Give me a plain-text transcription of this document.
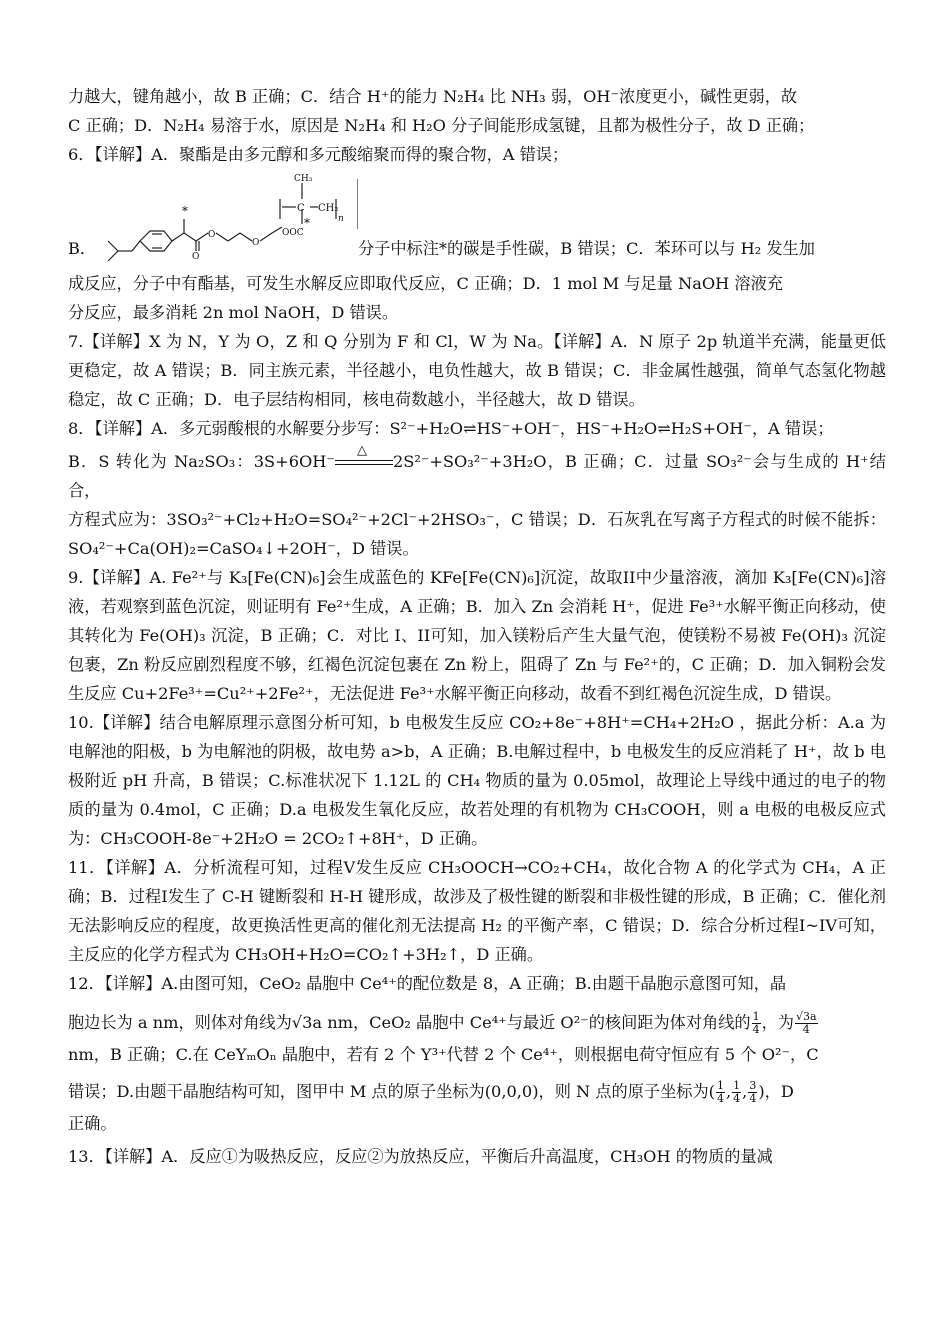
力越大，键角越小，故 B 正确；C．结合 H⁺的能力 N₂H₄ 比 NH₃ 弱，OH⁻浓度更小，碱性更弱，故

C 正确；D．N₂H₄ 易溶于水，原因是 N₂H₄ 和 H₂O 分子间能形成氢键，且都为极性分子，故 D 正确；

6．【详解】A．聚酯是由多元醇和多元酸缩聚而得的聚合物，A 错误；

*
O
O
O
CH₃
C CH₂
n
*
OOC
B．	分子中标注*的碳是手性碳，B 错误；C．苯环可以与 H₂ 发生加

成反应，分子中有酯基，可发生水解反应即取代反应，C 正确；D．1 mol M 与足量 NaOH 溶液充

分反应，最多消耗 2n mol NaOH，D 错误。

7.【详解】X 为 N，Y 为 O，Z 和 Q 分别为 F 和 Cl，W 为 Na。【详解】A．N 原子 2p 轨道半充满，能量更低更稳定，故 A 错误；B．同主族元素，半径越小，电负性越大，故 B 错误；C．非金属性越强，简单气态氢化物越稳定，故 C 正确；D．电子层结构相同，核电荷数越小，半径越大，故 D 错误。

8．【详解】A．多元弱酸根的水解要分步写：S²⁻+H₂O⇌HS⁻+OH⁻，HS⁻+H₂O⇌H₂S+OH⁻，A 错误；

B．S 转化为 Na₂SO₃：3S+6OH⁻
△
2S²⁻+SO₃²⁻+3H₂O，B 正确；C．过量 SO₃²⁻会与生成的 H⁺结合，

方程式应为：3SO₃²⁻+Cl₂+H₂O=SO₄²⁻+2Cl⁻+2HSO₃⁻，C 错误；D．石灰乳在写离子方程式的时候不能拆：SO₄²⁻+Ca(OH)₂=CaSO₄↓+2OH⁻，D 错误。

9.【详解】A. Fe²⁺与 K₃[Fe(CN)₆]会生成蓝色的 KFe[Fe(CN)₆]沉淀，故取II中少量溶液，滴加 K₃[Fe(CN)₆]溶液，若观察到蓝色沉淀，则证明有 Fe²⁺生成，A 正确；B．加入 Zn 会消耗 H⁺，促进 Fe³⁺水解平衡正向移动，使其转化为 Fe(OH)₃ 沉淀，B 正确；C．对比 I、II可知，加入镁粉后产生大量气泡，使镁粉不易被 Fe(OH)₃ 沉淀包裹，Zn 粉反应剧烈程度不够，红褐色沉淀包裹在 Zn 粉上，阻碍了 Zn 与 Fe²⁺的，C 正确；D．加入铜粉会发生反应 Cu+2Fe³⁺=Cu²⁺+2Fe²⁺，无法促进 Fe³⁺水解平衡正向移动，故看不到红褐色沉淀生成，D 错误。

10.【详解】结合电解原理示意图分析可知，b 电极发生反应 CO₂+8e⁻+8H⁺=CH₄+2H₂O ，据此分析：A.a 为电解池的阳极，b 为电解池的阴极，故电势 a>b，A 正确；B.电解过程中，b 电极发生的反应消耗了 H⁺，故 b 电极附近 pH 升高，B 错误；C.标准状况下 1.12L 的 CH₄ 物质的量为 0.05mol，故理论上导线中通过的电子的物质的量为 0.4mol，C 正确；D.a 电极发生氧化反应，故若处理的有机物为 CH₃COOH，则 a 电极的电极反应式为：CH₃COOH-8e⁻+2H₂O = 2CO₂↑+8H⁺，D 正确。

11．【详解】A．分析流程可知，过程V发生反应 CH₃OOCH→CO₂+CH₄，故化合物 A 的化学式为 CH₄，A 正确；B．过程I发生了 C-H 键断裂和 H-H 键形成，故涉及了极性键的断裂和非极性键的形成，B 正确；C．催化剂无法影响反应的程度，故更换活性更高的催化剂无法提高 H₂ 的平衡产率，C 错误；D．综合分析过程I~IV可知，主反应的化学方程式为 CH₃OH+H₂O=CO₂↑+3H₂↑，D 正确。

12．【详解】A.由图可知，CeO₂ 晶胞中 Ce⁴⁺的配位数是 8，A 正确；B.由题干晶胞示意图可知，晶

胞边长为 a nm，则体对角线为√3a nm，CeO₂ 晶胞中 Ce⁴⁺与最近 O²⁻的核间距为体对角线的 $\frac{1}{4}$ ，为 $\frac{√3a}{4}$

nm，B 正确；C.在 CeYₘOₙ 晶胞中，若有 2 个 Y³⁺代替 2 个 Ce⁴⁺，则根据电荷守恒应有 5 个 O²⁻，C

错误；D.由题干晶胞结构可知，图甲中 M 点的原子坐标为(0,0,0)，则 N 点的原子坐标为( $\frac{1}{4}$ , $\frac{1}{4}$ , $\frac{3}{4}$ )，D

正确。

13．【详解】A．反应①为吸热反应，反应②为放热反应，平衡后升高温度，CH₃OH 的物质的量减
